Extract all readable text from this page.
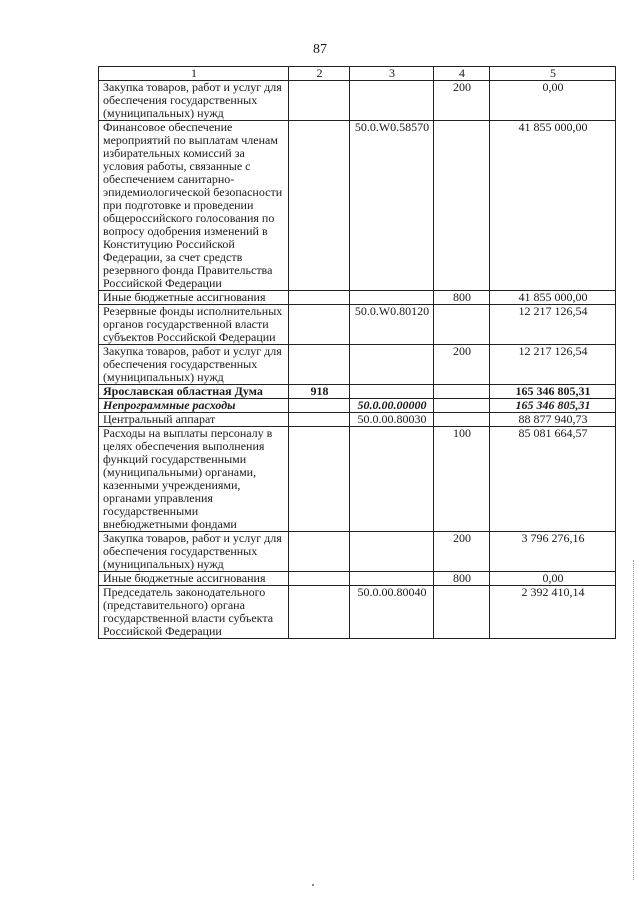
87
1	2	3	4	5
Закупка товаров, работ и услуг для обеспечения государственных (муниципальных) нужд			200	0,00
Финансовое обеспечение мероприятий по выплатам членам избирательных комиссий за условия работы, связанные с обеспечением санитарно-эпидемиологической безопасности при подготовке и проведении общероссийского голосования по вопросу одобрения изменений в Конституцию Российской Федерации, за счет средств резервного фонда Правительства Российской Федерации		50.0.W0.58570		41 855 000,00
Иные бюджетные ассигнования			800	41 855 000,00
Резервные фонды исполнительных органов государственной власти субъектов Российской Федерации		50.0.W0.80120		12 217 126,54
Закупка товаров, работ и услуг для обеспечения государственных (муниципальных) нужд			200	12 217 126,54
Ярославская областная Дума	918			165 346 805,31
Непрограммные расходы		50.0.00.00000		165 346 805,31
Центральный аппарат		50.0.00.80030		88 877 940,73
Расходы на выплаты персоналу в целях обеспечения выполнения функций государственными (муниципальными) органами, казенными учреждениями, органами управления государственными внебюджетными фондами			100	85 081 664,57
Закупка товаров, работ и услуг для обеспечения государственных (муниципальных) нужд			200	3 796 276,16
Иные бюджетные ассигнования			800	0,00
Председатель законодательного (представительного) органа государственной власти субъекта Российской Федерации		50.0.00.80040		2 392 410,14
